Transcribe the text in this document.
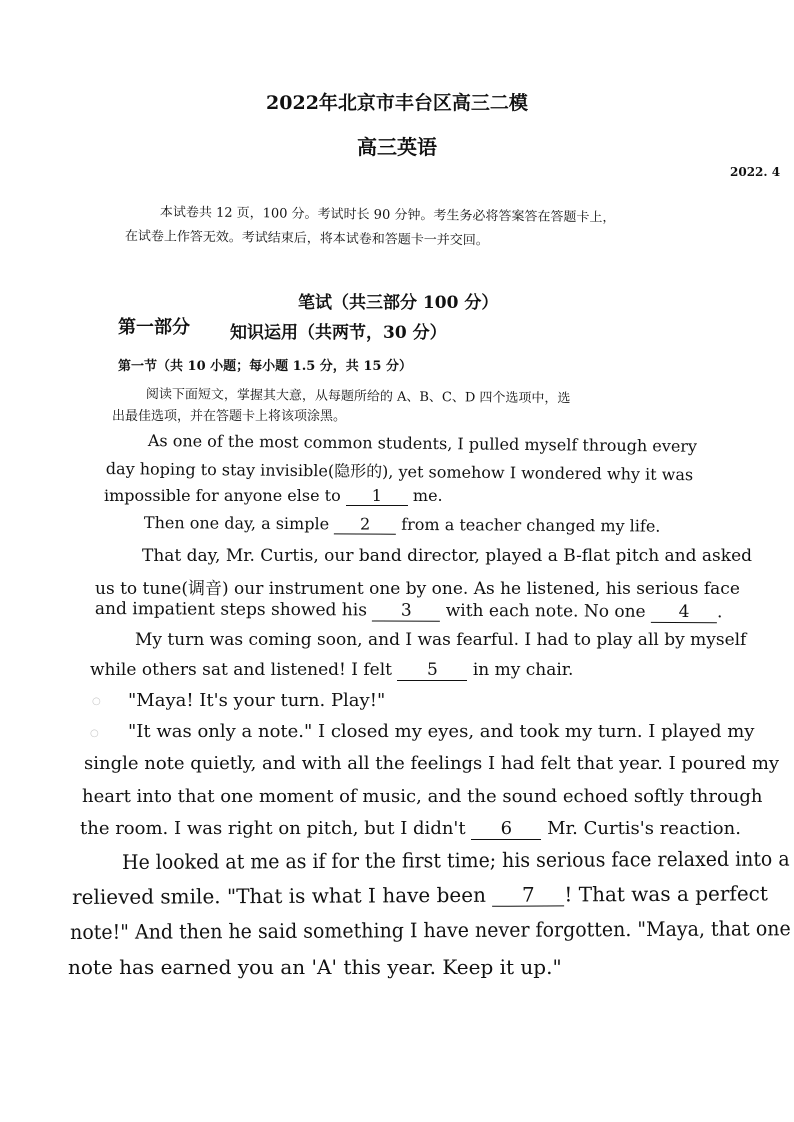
2022年北京市丰台区高三二模
高三英语
2022. 4
本试卷共 12 页，100 分。考试时长 90 分钟。考生务必将答案答在答题卡上，
在试卷上作答无效。考试结束后，将本试卷和答题卡一并交回。
笔试（共三部分 100 分）
第一部分 知识运用（共两节，30 分）
第一节（共 10 小题；每小题 1.5 分，共 15 分）
阅读下面短文，掌握其大意，从每题所给的 A、B、C、D 四个选项中，选
出最佳选项，并在答题卡上将该项涂黑。
As one of the most common students, I pulled myself through every
day hoping to stay invisible(隐形的), yet somehow I wondered why it was
impossible for anyone else to 1 me.
Then one day, a simple 2 from a teacher changed my life.
That day, Mr. Curtis, our band director, played a B-flat pitch and asked
us to tune(调音) our instrument one by one. As he listened, his serious face
and impatient steps showed his 3 with each note. No one 4 .
My turn was coming soon, and I was fearful. I had to play all by myself
while others sat and listened! I felt 5 in my chair.
○ "Maya! It's your turn. Play!"
○ "It was only a note." I closed my eyes, and took my turn. I played my
single note quietly, and with all the feelings I had felt that year. I poured my
heart into that one moment of music, and the sound echoed softly through
the room. I was right on pitch, but I didn't 6 Mr. Curtis's reaction.
He looked at me as if for the first time; his serious face relaxed into a
relieved smile. "That is what I have been 7 ! That was a perfect
note!" And then he said something I have never forgotten. "Maya, that one
note has earned you an 'A' this year. Keep it up."
